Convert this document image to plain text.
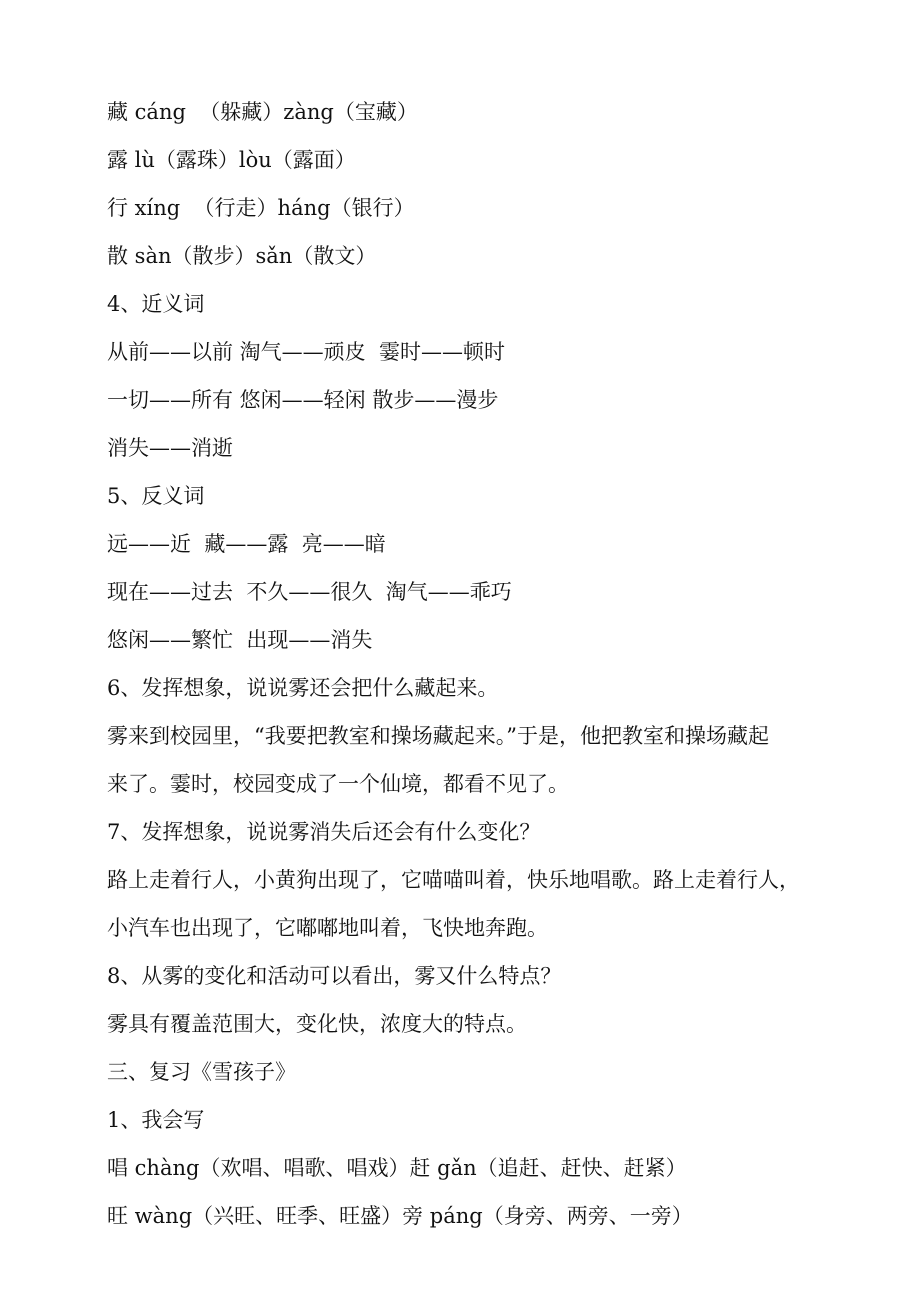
藏 cáng  （躲藏）zàng（宝藏）

露 lù（露珠）lòu（露面）

行 xíng  （行走）háng（银行）

散 sàn（散步）sǎn（散文）

4、近义词

从前——以前 淘气——顽皮  霎时——顿时

一切——所有 悠闲——轻闲 散步——漫步

消失——消逝

5、反义词

远——近  藏——露  亮——暗

现在——过去  不久——很久  淘气——乖巧

悠闲——繁忙  出现——消失

6、发挥想象，说说雾还会把什么藏起来。

雾来到校园里，“我要把教室和操场藏起来。”于是，他把教室和操场藏起

来了。霎时，校园变成了一个仙境，都看不见了。

7、发挥想象，说说雾消失后还会有什么变化？

路上走着行人，小黄狗出现了，它喵喵叫着，快乐地唱歌。路上走着行人，

小汽车也出现了，它嘟嘟地叫着，飞快地奔跑。

8、从雾的变化和活动可以看出，雾又什么特点？

雾具有覆盖范围大，变化快，浓度大的特点。

三、复习《雪孩子》

1、我会写

唱 chàng（欢唱、唱歌、唱戏）赶 gǎn（追赶、赶快、赶紧）

旺 wàng（兴旺、旺季、旺盛）旁 páng（身旁、两旁、一旁）
